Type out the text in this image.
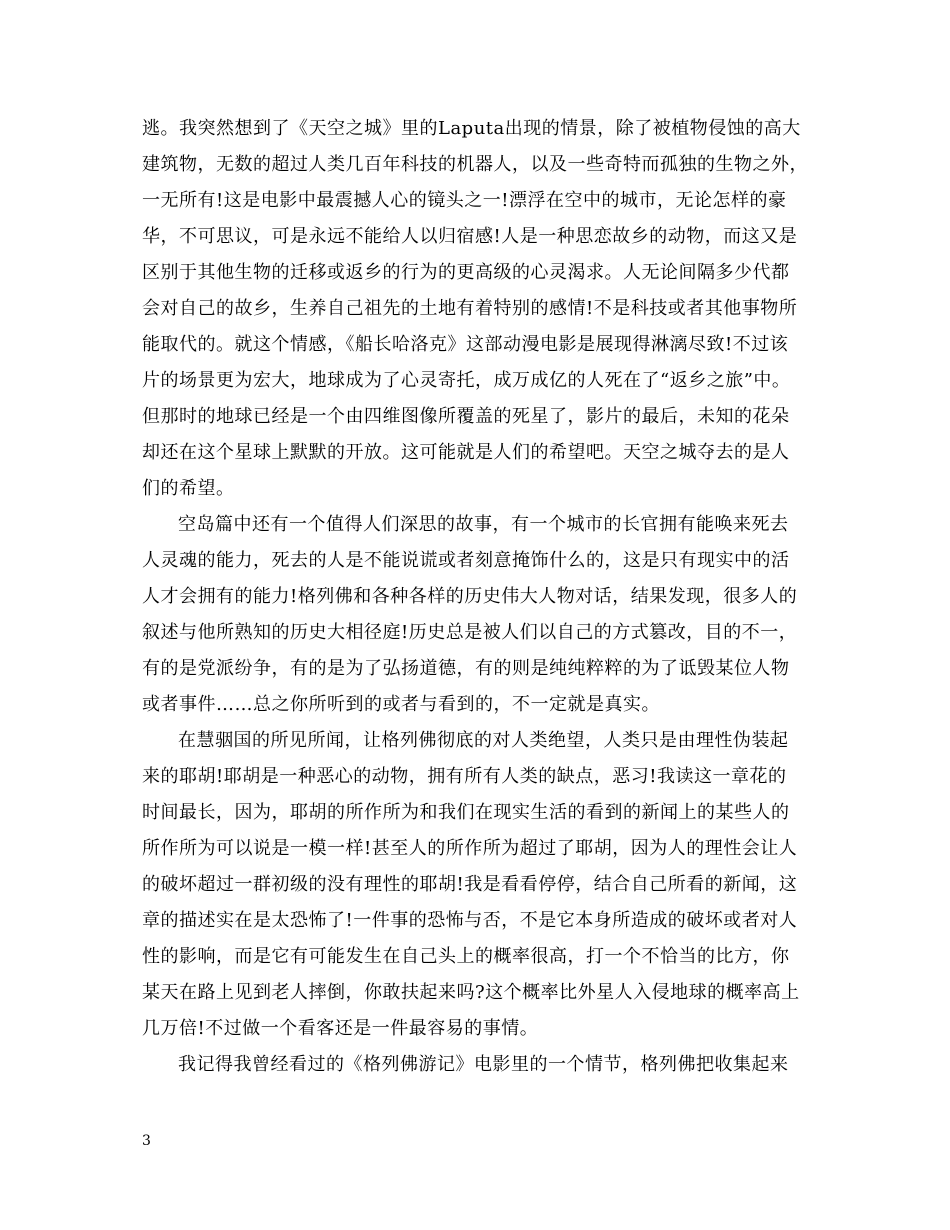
逃。我突然想到了《天空之城》里的Laputa出现的情景，除了被植物侵蚀的高大
建筑物，无数的超过人类几百年科技的机器人，以及一些奇特而孤独的生物之外，
一无所有!这是电影中最震撼人心的镜头之一!漂浮在空中的城市，无论怎样的豪
华，不可思议，可是永远不能给人以归宿感!人是一种思恋故乡的动物，而这又是
区别于其他生物的迁移或返乡的行为的更高级的心灵渴求。人无论间隔多少代都
会对自己的故乡，生养自己祖先的土地有着特别的感情!不是科技或者其他事物所
能取代的。就这个情感，《船长哈洛克》这部动漫电影是展现得淋漓尽致!不过该
片的场景更为宏大，地球成为了心灵寄托，成万成亿的人死在了“返乡之旅”中。
但那时的地球已经是一个由四维图像所覆盖的死星了，影片的最后，未知的花朵
却还在这个星球上默默的开放。这可能就是人们的希望吧。天空之城夺去的是人
们的希望。
空岛篇中还有一个值得人们深思的故事，有一个城市的长官拥有能唤来死去
人灵魂的能力，死去的人是不能说谎或者刻意掩饰什么的，这是只有现实中的活
人才会拥有的能力!格列佛和各种各样的历史伟大人物对话，结果发现，很多人的
叙述与他所熟知的历史大相径庭!历史总是被人们以自己的方式篡改，目的不一，
有的是党派纷争，有的是为了弘扬道德，有的则是纯纯粹粹的为了诋毁某位人物
或者事件……总之你所听到的或者与看到的，不一定就是真实。
在慧骃国的所见所闻，让格列佛彻底的对人类绝望，人类只是由理性伪装起
来的耶胡!耶胡是一种恶心的动物，拥有所有人类的缺点，恶习!我读这一章花的
时间最长，因为，耶胡的所作所为和我们在现实生活的看到的新闻上的某些人的
所作所为可以说是一模一样!甚至人的所作所为超过了耶胡，因为人的理性会让人
的破坏超过一群初级的没有理性的耶胡!我是看看停停，结合自己所看的新闻，这
章的描述实在是太恐怖了!一件事的恐怖与否，不是它本身所造成的破坏或者对人
性的影响，而是它有可能发生在自己头上的概率很高，打一个不恰当的比方，你
某天在路上见到老人摔倒，你敢扶起来吗?这个概率比外星人入侵地球的概率高上
几万倍!不过做一个看客还是一件最容易的事情。
我记得我曾经看过的《格列佛游记》电影里的一个情节，格列佛把收集起来
3
